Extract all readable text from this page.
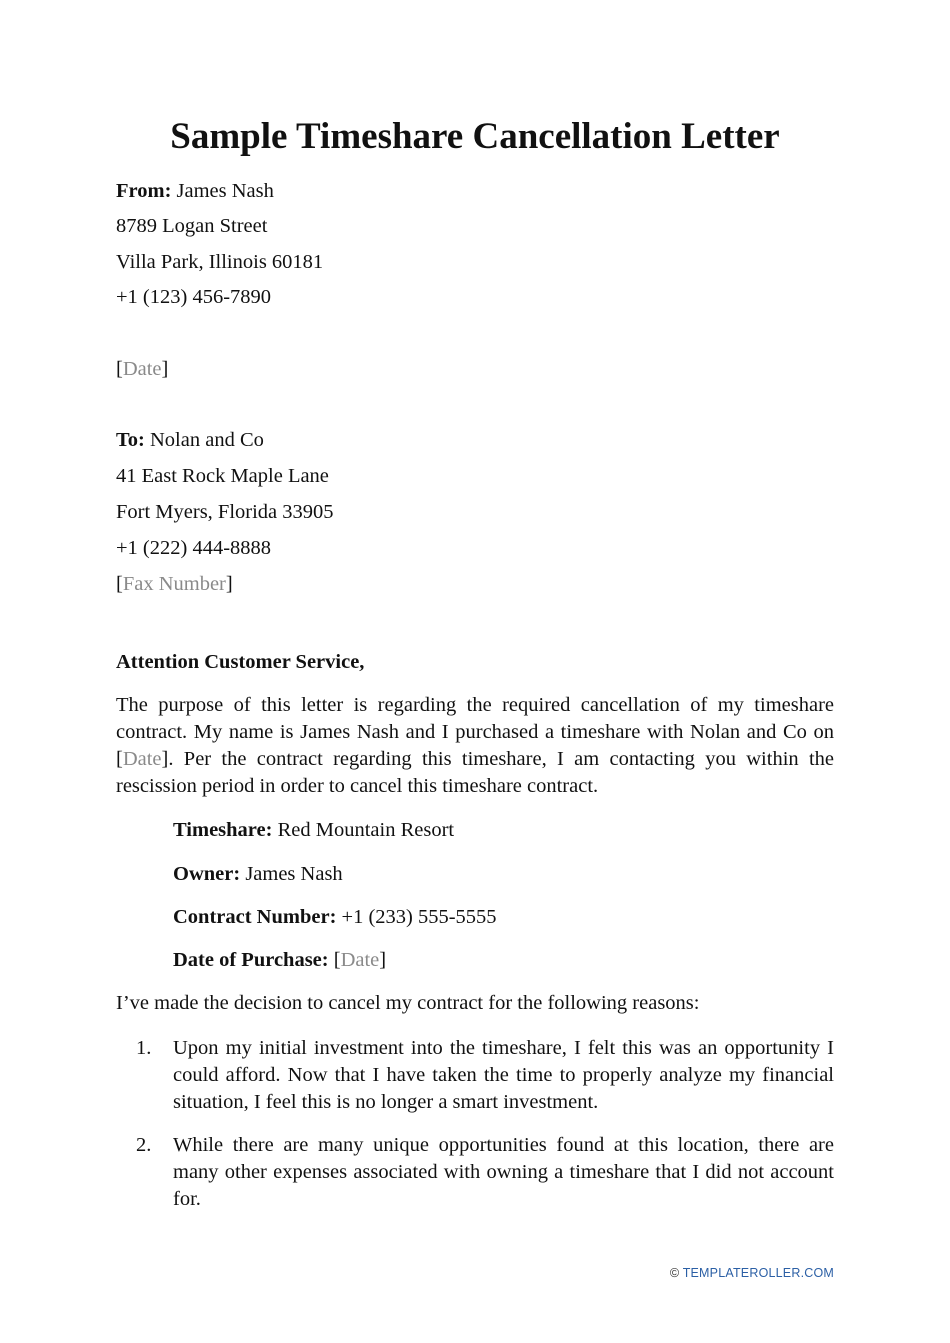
Sample Timeshare Cancellation Letter
From: James Nash
8789 Logan Street
Villa Park, Illinois 60181
+1 (123) 456-7890
[Date]
To: Nolan and Co
41 East Rock Maple Lane
Fort Myers, Florida 33905
+1 (222) 444-8888
[Fax Number]
Attention Customer Service,

The purpose of this letter is regarding the required cancellation of my timeshare contract. My name is James Nash and I purchased a timeshare with Nolan and Co on [Date]. Per the contract regarding this timeshare, I am contacting you within the rescission period in order to cancel this timeshare contract.

Timeshare: Red Mountain Resort
Owner: James Nash
Contract Number: +1 (233) 555-5555
Date of Purchase: [Date]
I’ve made the decision to cancel my contract for the following reasons:
1. Upon my initial investment into the timeshare, I felt this was an opportunity I could afford. Now that I have taken the time to properly analyze my financial situation, I feel this is no longer a smart investment.

2. While there are many unique opportunities found at this location, there are many other expenses associated with owning a timeshare that I did not account for.

© TEMPLATEROLLER.COM
